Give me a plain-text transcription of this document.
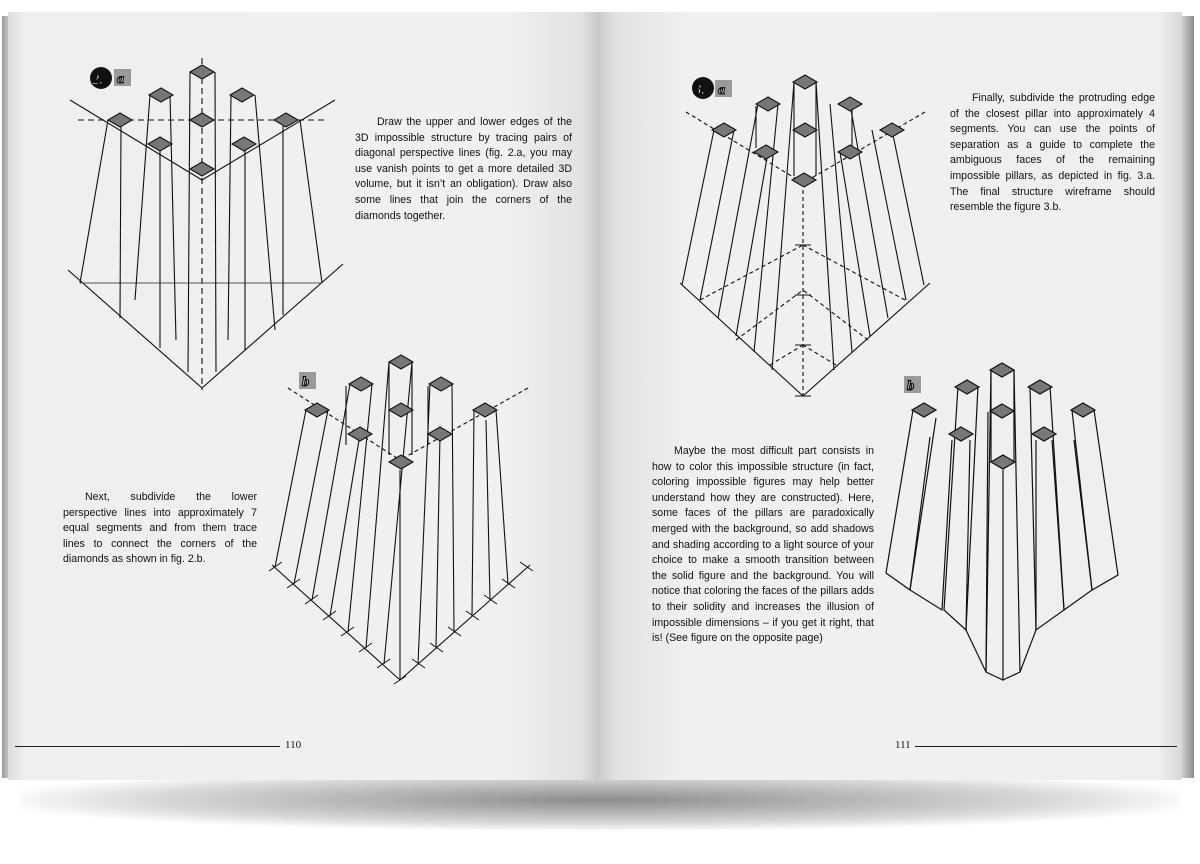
2. a
b
3. a
b

Draw the upper and lower edges of the 3D impossible structure by tracing pairs of diagonal perspective lines (fig. 2.a, you may use vanish points to get a more detailed 3D volume, but it isn’t an obligation). Draw also some lines that join the corners of the diamonds together.

Next, subdivide the lower perspective lines into approximately 7 equal segments and from them trace lines to connect the corners of the diamonds as shown in fig. 2.b.

Finally, subdivide the protruding edge of the closest pillar into approximately 4 segments. You can use the points of separation as a guide to complete the ambiguous faces of the remaining impossible pillars, as depicted in fig. 3.a. The final structure wireframe should resemble the figure 3.b.

Maybe the most difficult part consists in how to color this impossible structure (in fact, coloring impossible figures may help better understand how they are constructed). Here, some faces of the pillars are paradoxically merged with the background, so add shadows and shading according to a light source of your choice to make a smooth transition between the solid figure and the background. You will notice that coloring the faces of the pillars adds to their solidity and increases the illusion of impossible dimensions – if you get it right, that is! (See figure on the opposite page)

110	111
